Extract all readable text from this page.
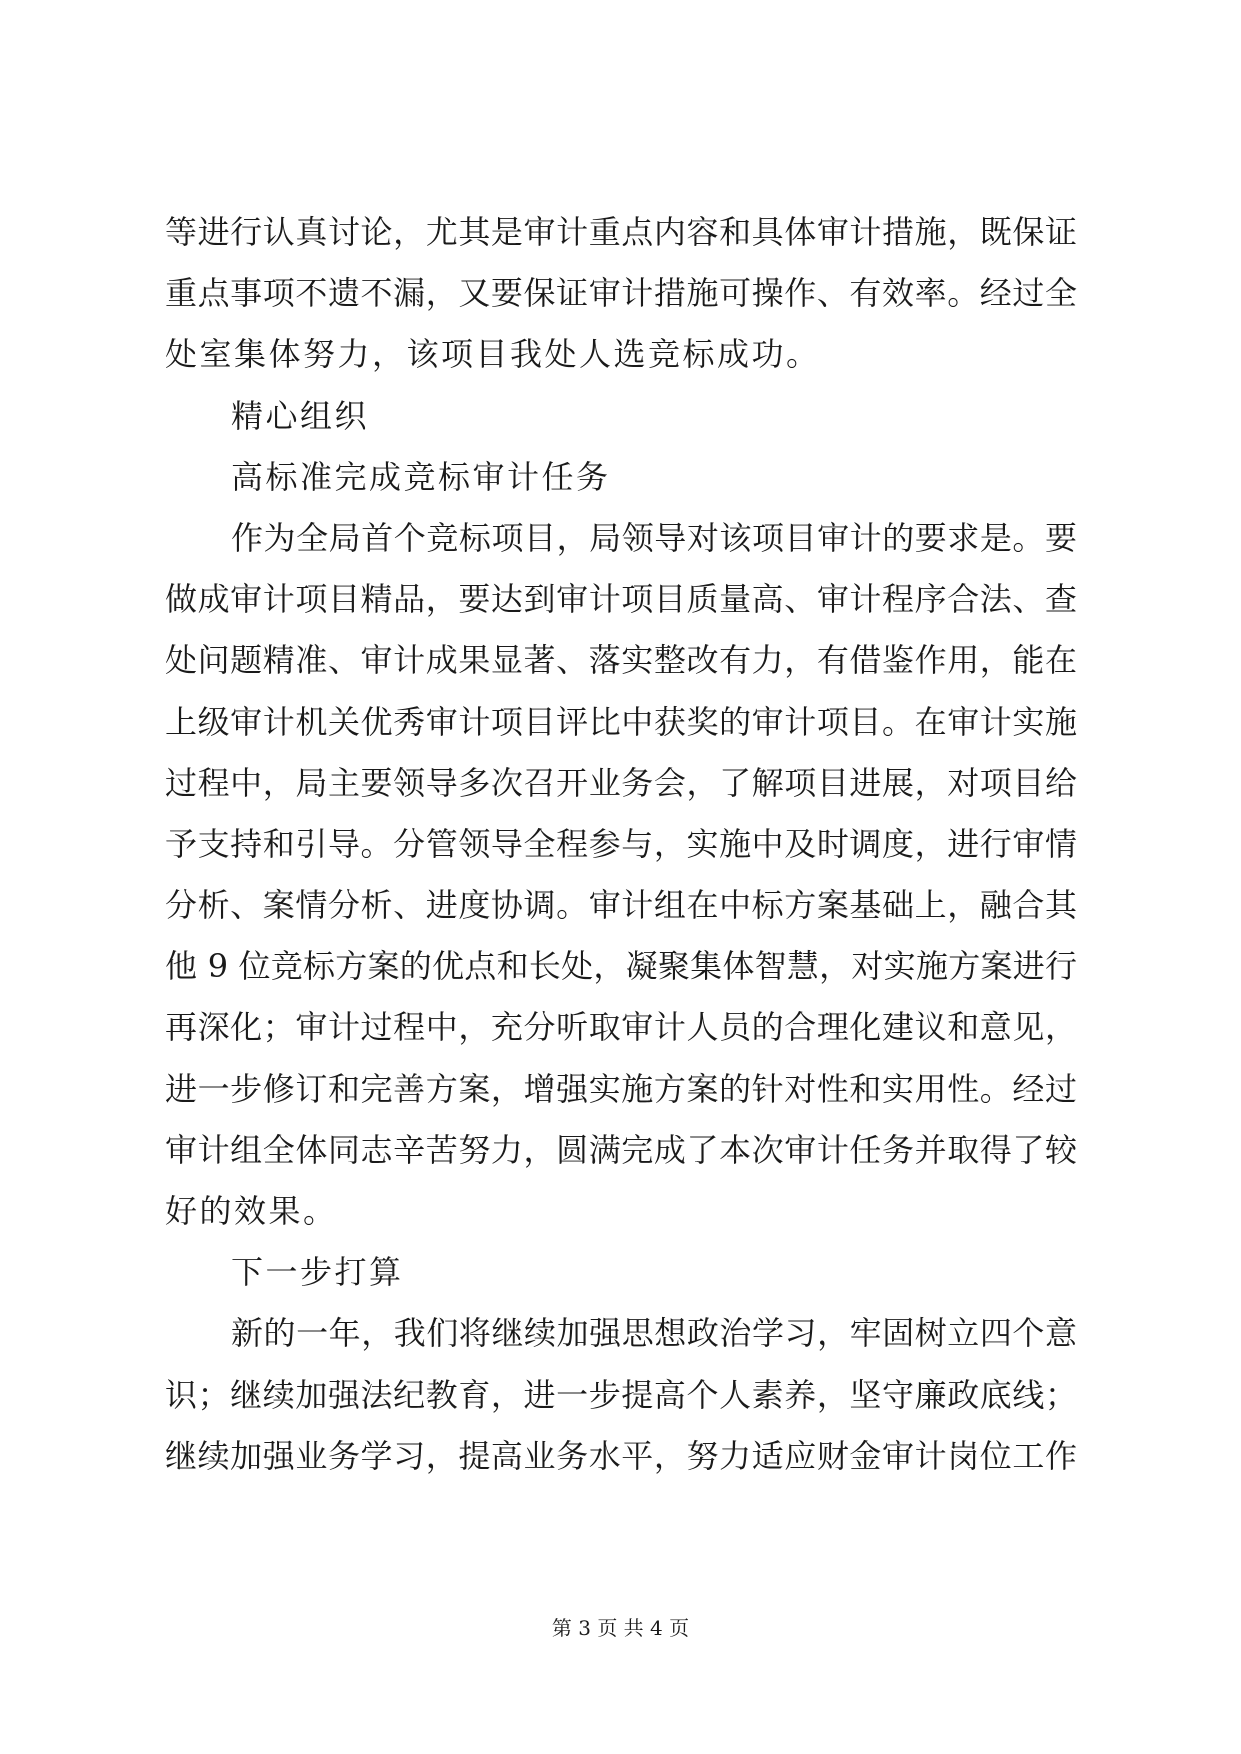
等进行认真讨论，尤其是审计重点内容和具体审计措施，既保证
重点事项不遗不漏，又要保证审计措施可操作、有效率。经过全
处室集体努力，该项目我处人选竞标成功。
精心组织
高标准完成竞标审计任务
作为全局首个竞标项目，局领导对该项目审计的要求是。要
做成审计项目精品，要达到审计项目质量高、审计程序合法、查
处问题精准、审计成果显著、落实整改有力，有借鉴作用，能在
上级审计机关优秀审计项目评比中获奖的审计项目。在审计实施
过程中，局主要领导多次召开业务会，了解项目进展，对项目给
予支持和引导。分管领导全程参与，实施中及时调度，进行审情
分析、案情分析、进度协调。审计组在中标方案基础上，融合其
他 9 位竞标方案的优点和长处，凝聚集体智慧，对实施方案进行
再深化；审计过程中，充分听取审计人员的合理化建议和意见，
进一步修订和完善方案，增强实施方案的针对性和实用性。经过
审计组全体同志辛苦努力，圆满完成了本次审计任务并取得了较
好的效果。
下一步打算
新的一年，我们将继续加强思想政治学习，牢固树立四个意
识；继续加强法纪教育，进一步提高个人素养，坚守廉政底线；
继续加强业务学习，提高业务水平，努力适应财金审计岗位工作
第 3 页 共 4 页
